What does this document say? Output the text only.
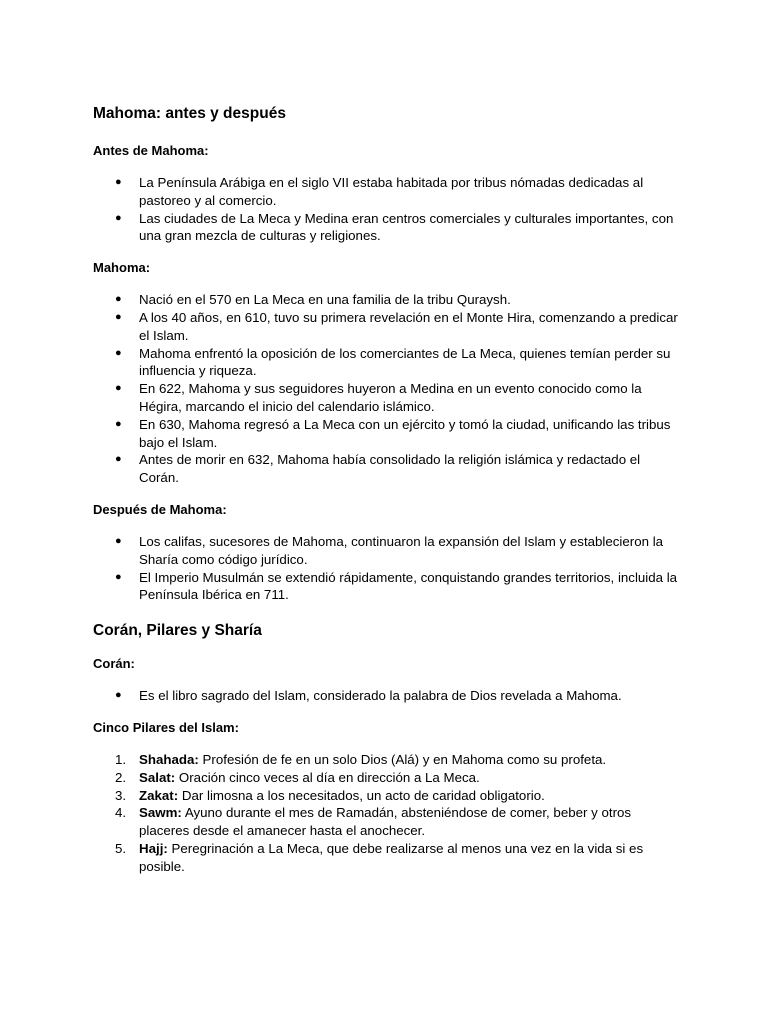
Mahoma: antes y después
Antes de Mahoma:
● La Península Arábiga en el siglo VII estaba habitada por tribus nómadas dedicadas al pastoreo y al comercio.
● Las ciudades de La Meca y Medina eran centros comerciales y culturales importantes, con una gran mezcla de culturas y religiones.
Mahoma:
● Nació en el 570 en La Meca en una familia de la tribu Quraysh.
● A los 40 años, en 610, tuvo su primera revelación en el Monte Hira, comenzando a predicar el Islam.
● Mahoma enfrentó la oposición de los comerciantes de La Meca, quienes temían perder su influencia y riqueza.
● En 622, Mahoma y sus seguidores huyeron a Medina en un evento conocido como la Hégira, marcando el inicio del calendario islámico.
● En 630, Mahoma regresó a La Meca con un ejército y tomó la ciudad, unificando las tribus bajo el Islam.
● Antes de morir en 632, Mahoma había consolidado la religión islámica y redactado el Corán.
Después de Mahoma:
● Los califas, sucesores de Mahoma, continuaron la expansión del Islam y establecieron la Sharía como código jurídico.
● El Imperio Musulmán se extendió rápidamente, conquistando grandes territorios, incluida la Península Ibérica en 711.
Corán, Pilares y Sharía
Corán:
● Es el libro sagrado del Islam, considerado la palabra de Dios revelada a Mahoma.
Cinco Pilares del Islam:
1. Shahada: Profesión de fe en un solo Dios (Alá) y en Mahoma como su profeta.
2. Salat: Oración cinco veces al día en dirección a La Meca.
3. Zakat: Dar limosna a los necesitados, un acto de caridad obligatorio.
4. Sawm: Ayuno durante el mes de Ramadán, absteniéndose de comer, beber y otros placeres desde el amanecer hasta el anochecer.
5. Hajj: Peregrinación a La Meca, que debe realizarse al menos una vez en la vida si es posible.
